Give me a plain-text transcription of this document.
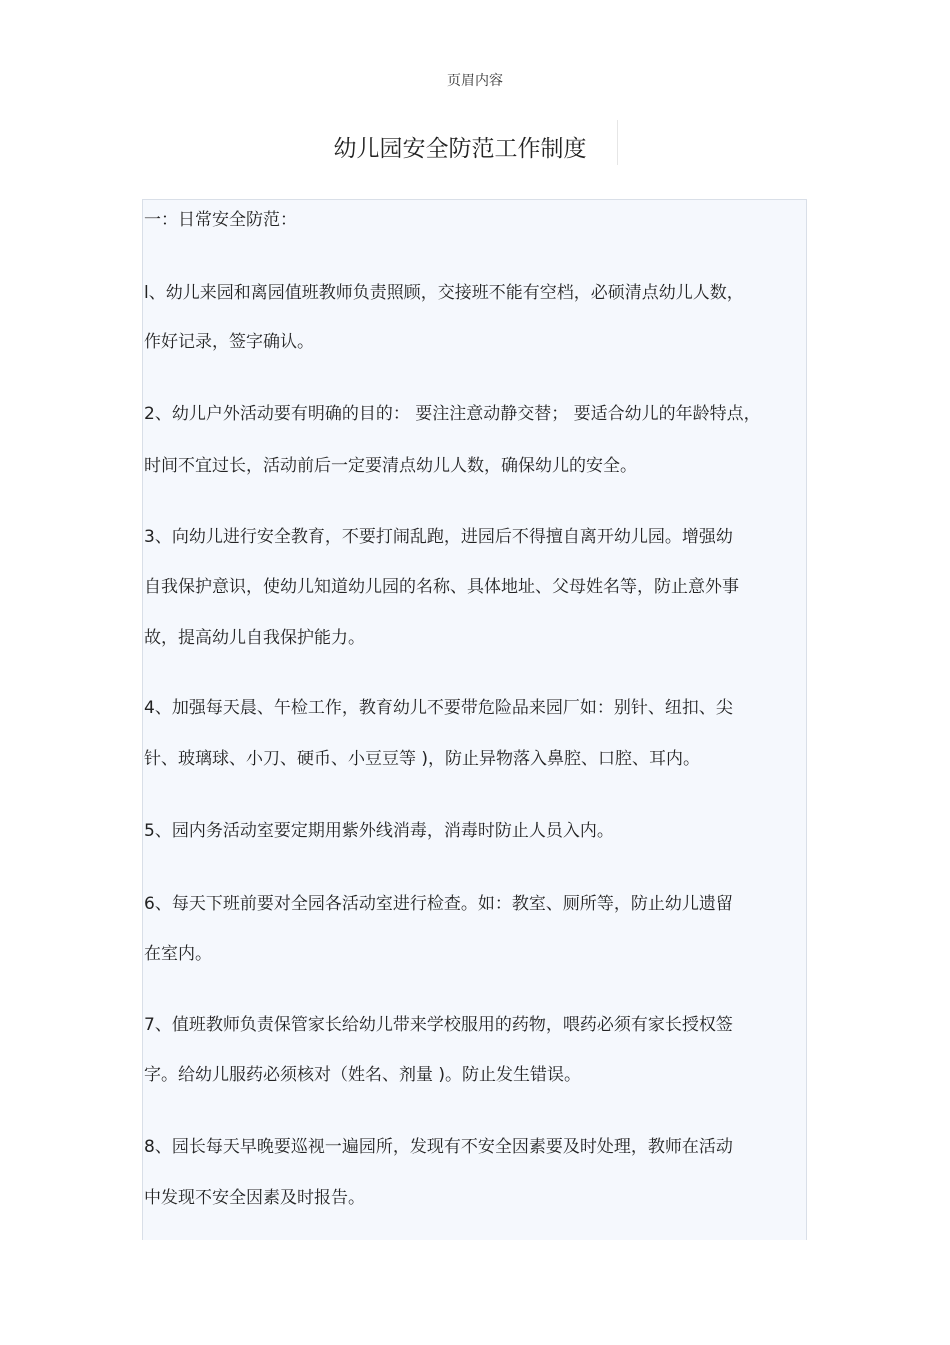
页眉内容
幼儿园安全防范工作制度
一：日常安全防范：
l、幼儿来园和离园值班教师负责照顾，交接班不能有空档，必硕清点幼儿人数，
作好记录，签字确认。
2、幼儿户外活动要有明确的目的： 要注注意动静交替； 要适合幼儿的年龄特点，
时间不宜过长，活动前后一定要清点幼儿人数，确保幼儿的安全。
3、向幼儿进行安全教育，不要打闹乱跑，进园后不得擅自离开幼儿园。增强幼
自我保护意识，使幼儿知道幼儿园的名称、具体地址、父母姓名等，防止意外事
故，提高幼儿自我保护能力。
4、加强每天晨、午检工作，教育幼儿不要带危险品来园厂如：别针、纽扣、尖
针、玻璃球、小刀、硬币、小豆豆等 )，防止异物落入鼻腔、口腔、耳内。
5、园内务活动室要定期用紫外线消毒，消毒时防止人员入内。
6、每天下班前要对全园各活动室进行检查。如：教室、厕所等，防止幼儿遗留
在室内。
7、值班教师负责保管家长给幼儿带来学校服用的药物，喂药必须有家长授权签
字。给幼儿服药必须核对（姓名、剂量 )。防止发生错误。
8、园长每天早晚要巡视一遍园所，发现有不安全因素要及时处理，教师在活动
中发现不安全因素及时报告。
